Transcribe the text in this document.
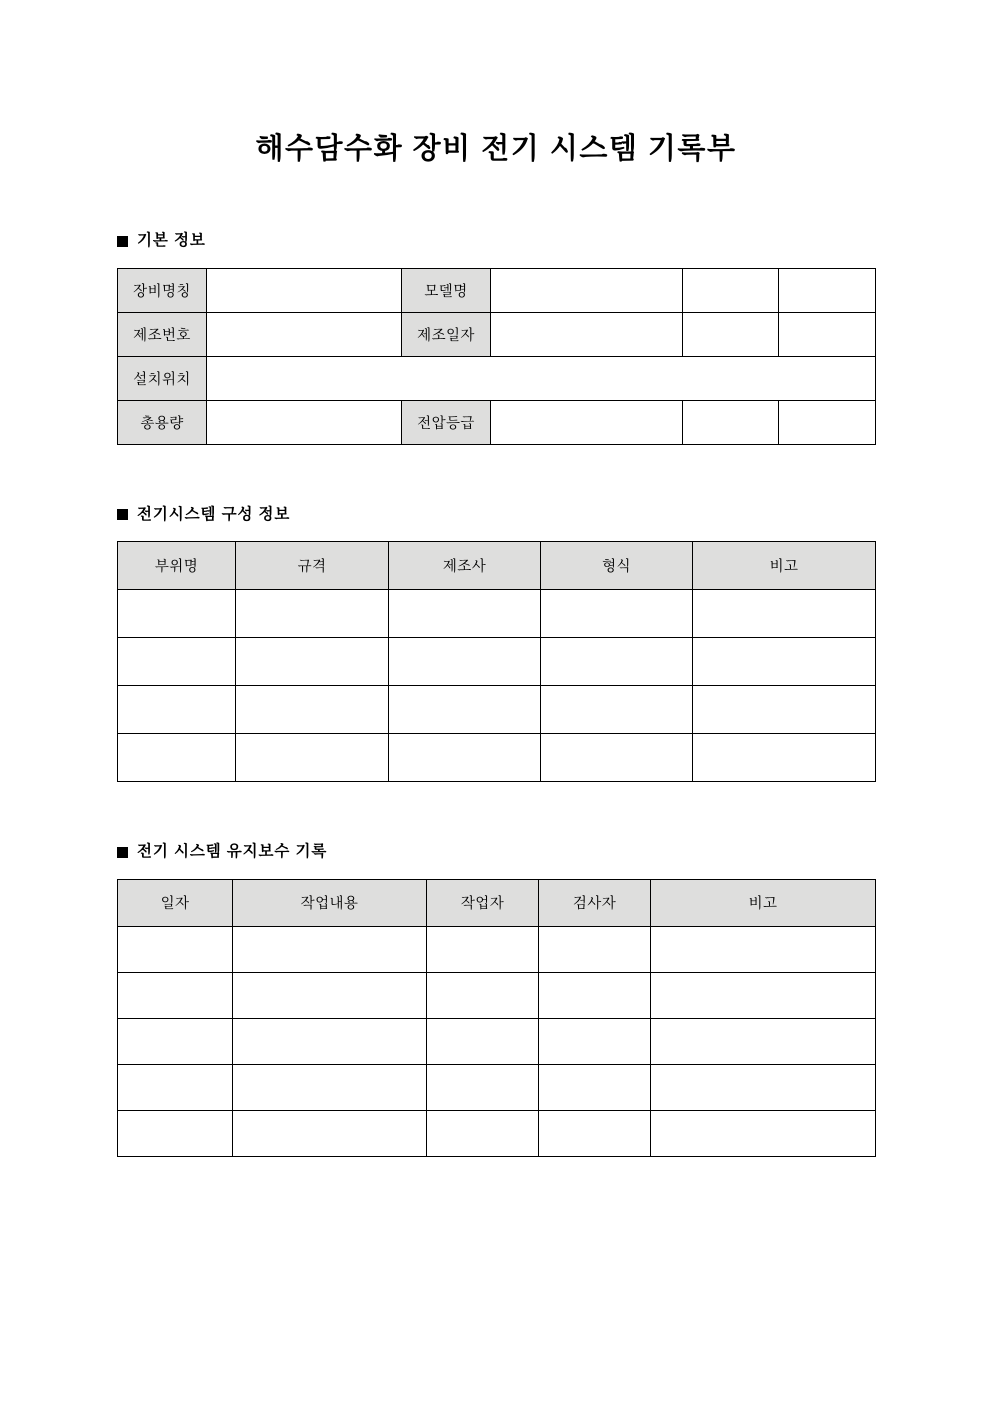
해수담수화 장비 전기 시스템 기록부
기본 정보
장비명칭		모델명			
제조번호		제조일자			
설치위치					
총용량		전압등급			
전기시스템 구성 정보
부위명	규격	제조사	형식	비고

전기 시스템 유지보수 기록
일자	작업내용	작업자	검사자	비고
